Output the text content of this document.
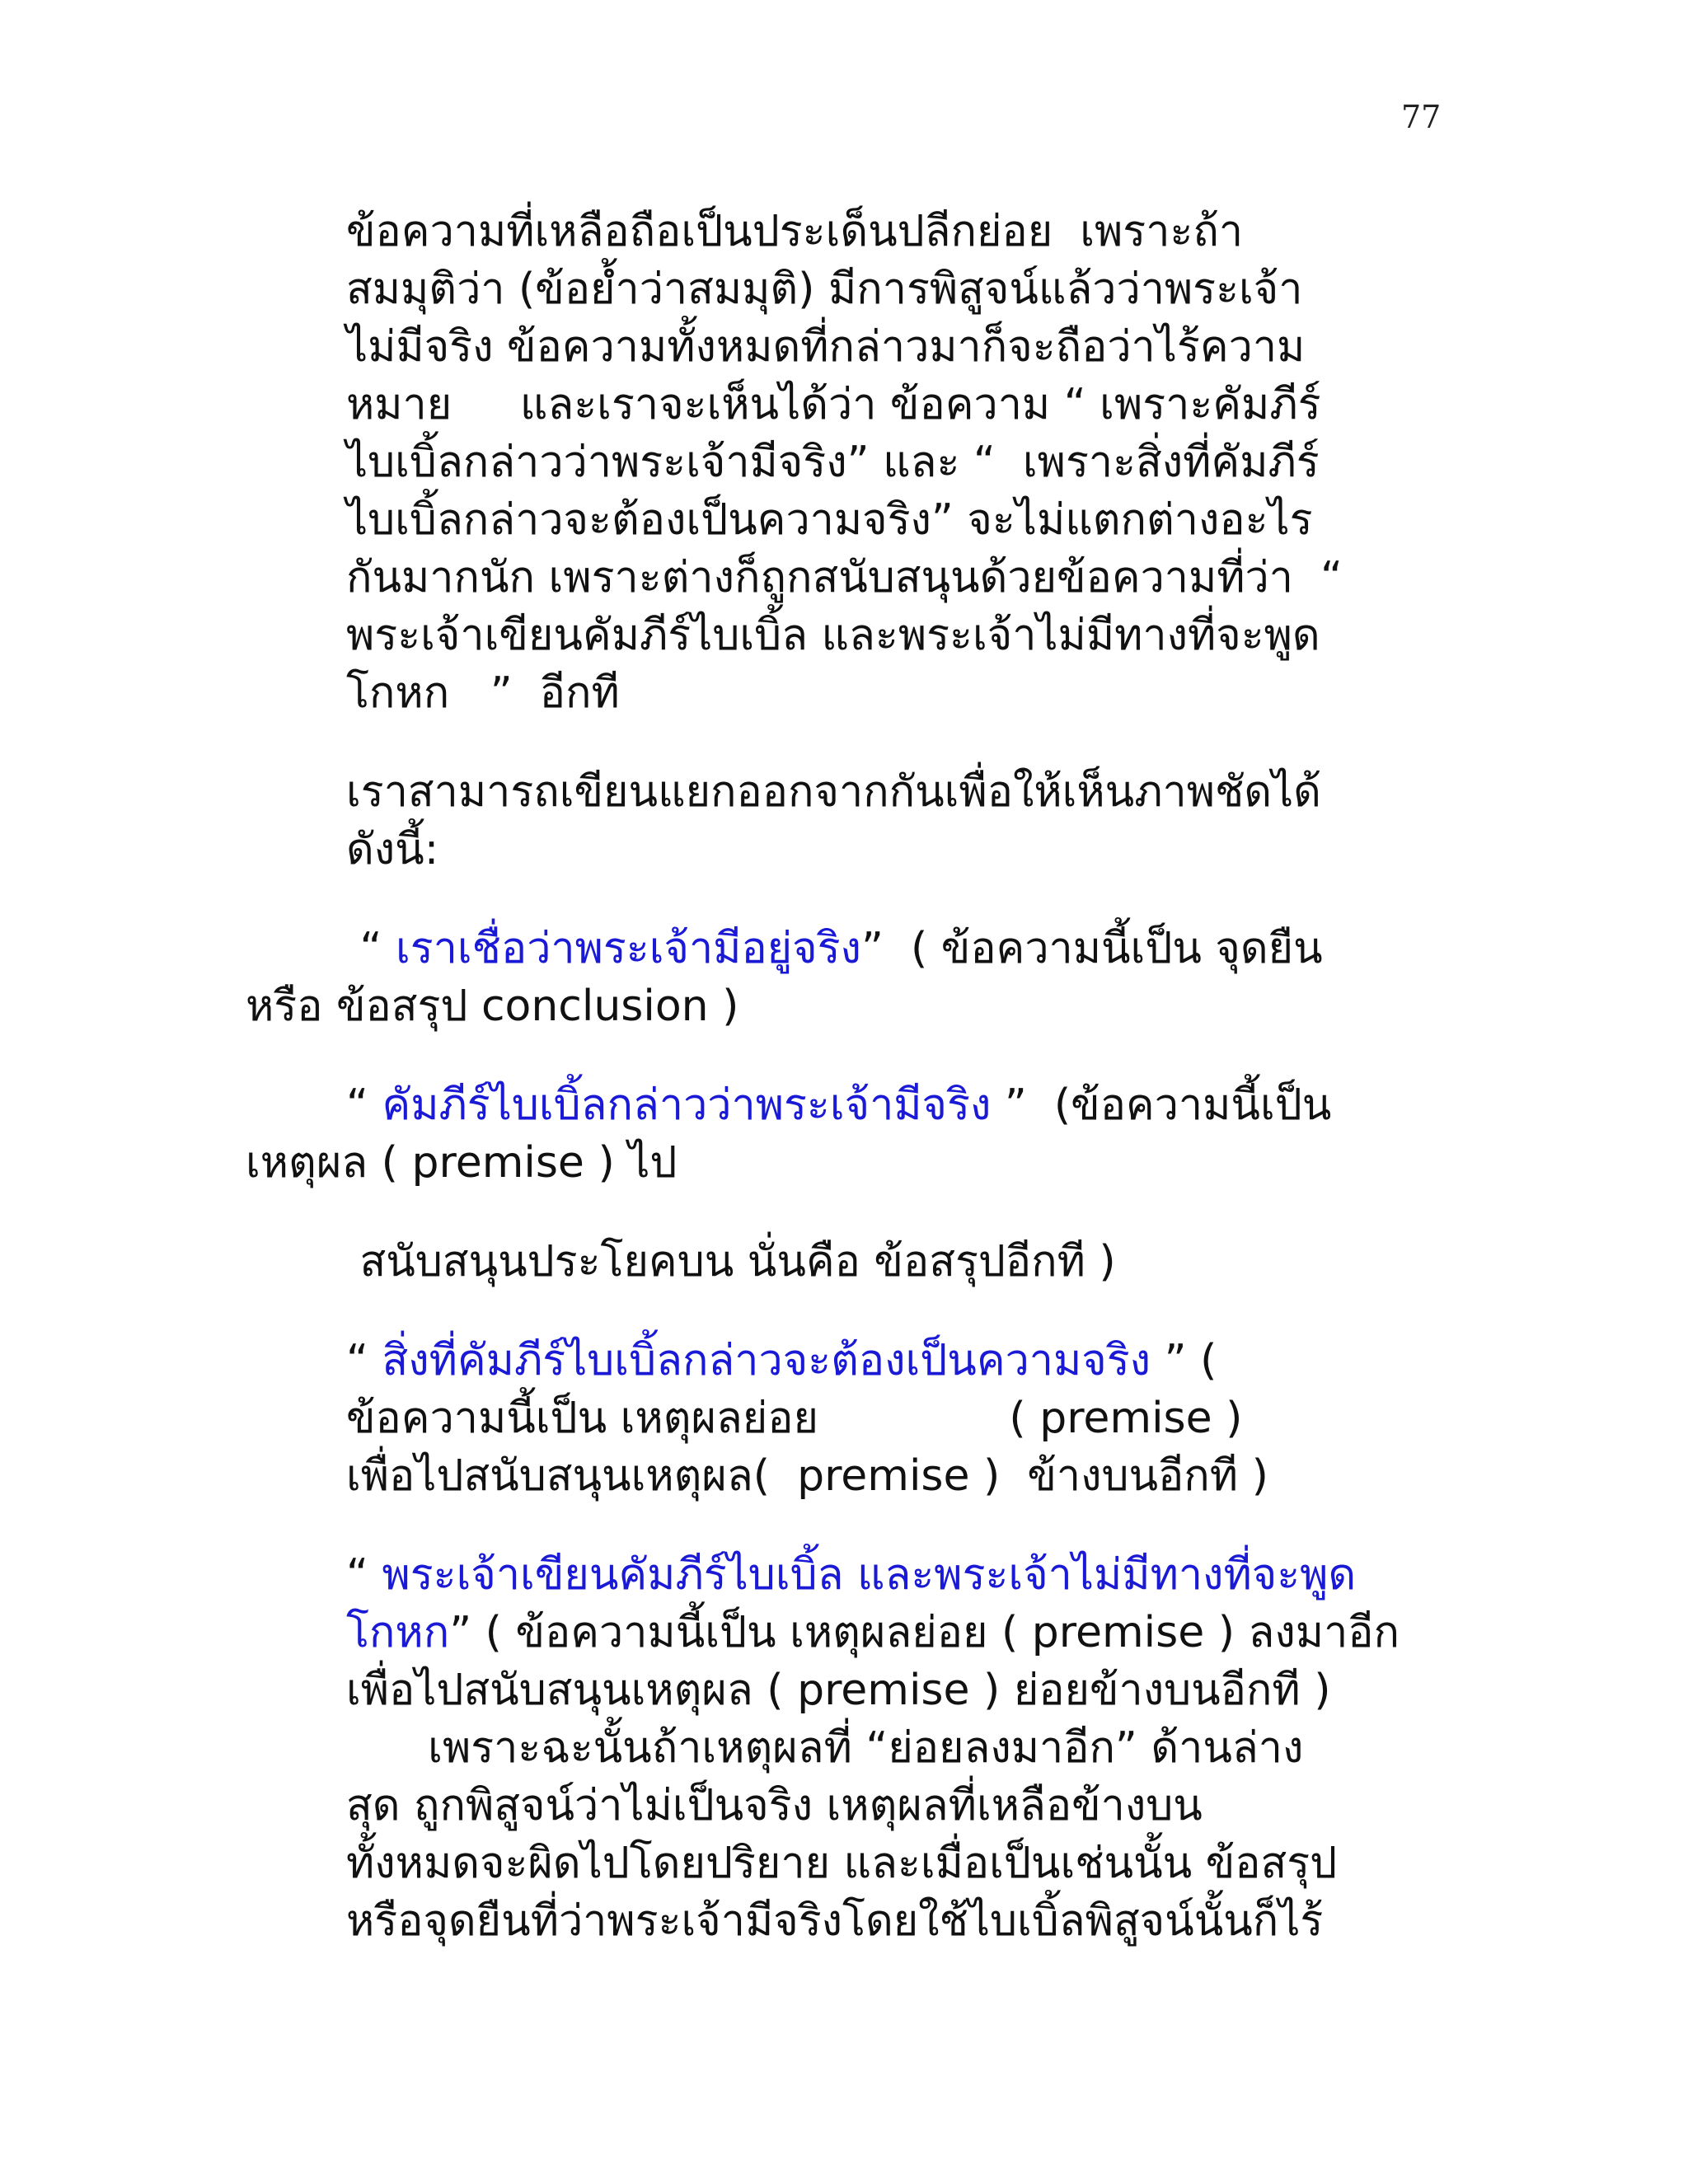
77
ข้อความที่เหลือถือเป็นประเด็นปลีกย่อย  เพราะถ้า
สมมุติว่า (ข้อย้ำว่าสมมุติ) มีการพิสูจน์แล้วว่าพระเจ้า
ไม่มีจริง ข้อความทั้งหมดที่กล่าวมาก็จะถือว่าไร้ความ
หมาย     และเราจะเห็นได้ว่า ข้อความ “ เพราะคัมภีร์
ไบเบิ้ลกล่าวว่าพระเจ้ามีจริง” และ “  เพราะสิ่งที่คัมภีร์
ไบเบิ้ลกล่าวจะต้องเป็นความจริง” จะไม่แตกต่างอะไร
กันมากนัก เพราะต่างก็ถูกสนับสนุนด้วยข้อความที่ว่า  “
พระเจ้าเขียนคัมภีร์ไบเบิ้ล และพระเจ้าไม่มีทางที่จะพูด
โกหก   ”  อีกที
เราสามารถเขียนแยกออกจากกันเพื่อให้เห็นภาพชัดได้
ดังนี้:
“ เราเชื่อว่าพระเจ้ามีอยู่จริง”  ( ข้อความนี้เป็น จุดยืน
หรือ ข้อสรุป conclusion )
“ คัมภีร์ไบเบิ้ลกล่าวว่าพระเจ้ามีจริง ”  (ข้อความนี้เป็น
เหตุผล ( premise ) ไป
สนับสนุนประโยคบน นั่นคือ ข้อสรุปอีกที )
“ สิ่งที่คัมภีร์ไบเบิ้ลกล่าวจะต้องเป็นความจริง ” (
ข้อความนี้เป็น เหตุผลย่อย              ( premise )
เพื่อไปสนับสนุนเหตุผล(  premise )  ข้างบนอีกที )
“ พระเจ้าเขียนคัมภีร์ไบเบิ้ล และพระเจ้าไม่มีทางที่จะพูด
โกหก” ( ข้อความนี้เป็น เหตุผลย่อย ( premise ) ลงมาอีก
เพื่อไปสนับสนุนเหตุผล ( premise ) ย่อยข้างบนอีกที )
เพราะฉะนั้นถ้าเหตุผลที่ “ย่อยลงมาอีก” ด้านล่าง
สุด ถูกพิสูจน์ว่าไม่เป็นจริง เหตุผลที่เหลือข้างบน
ทั้งหมดจะผิดไปโดยปริยาย และเมื่อเป็นเช่นนั้น ข้อสรุป
หรือจุดยืนที่ว่าพระเจ้ามีจริงโดยใช้ไบเบิ้ลพิสูจน์นั้นก็ไร้
